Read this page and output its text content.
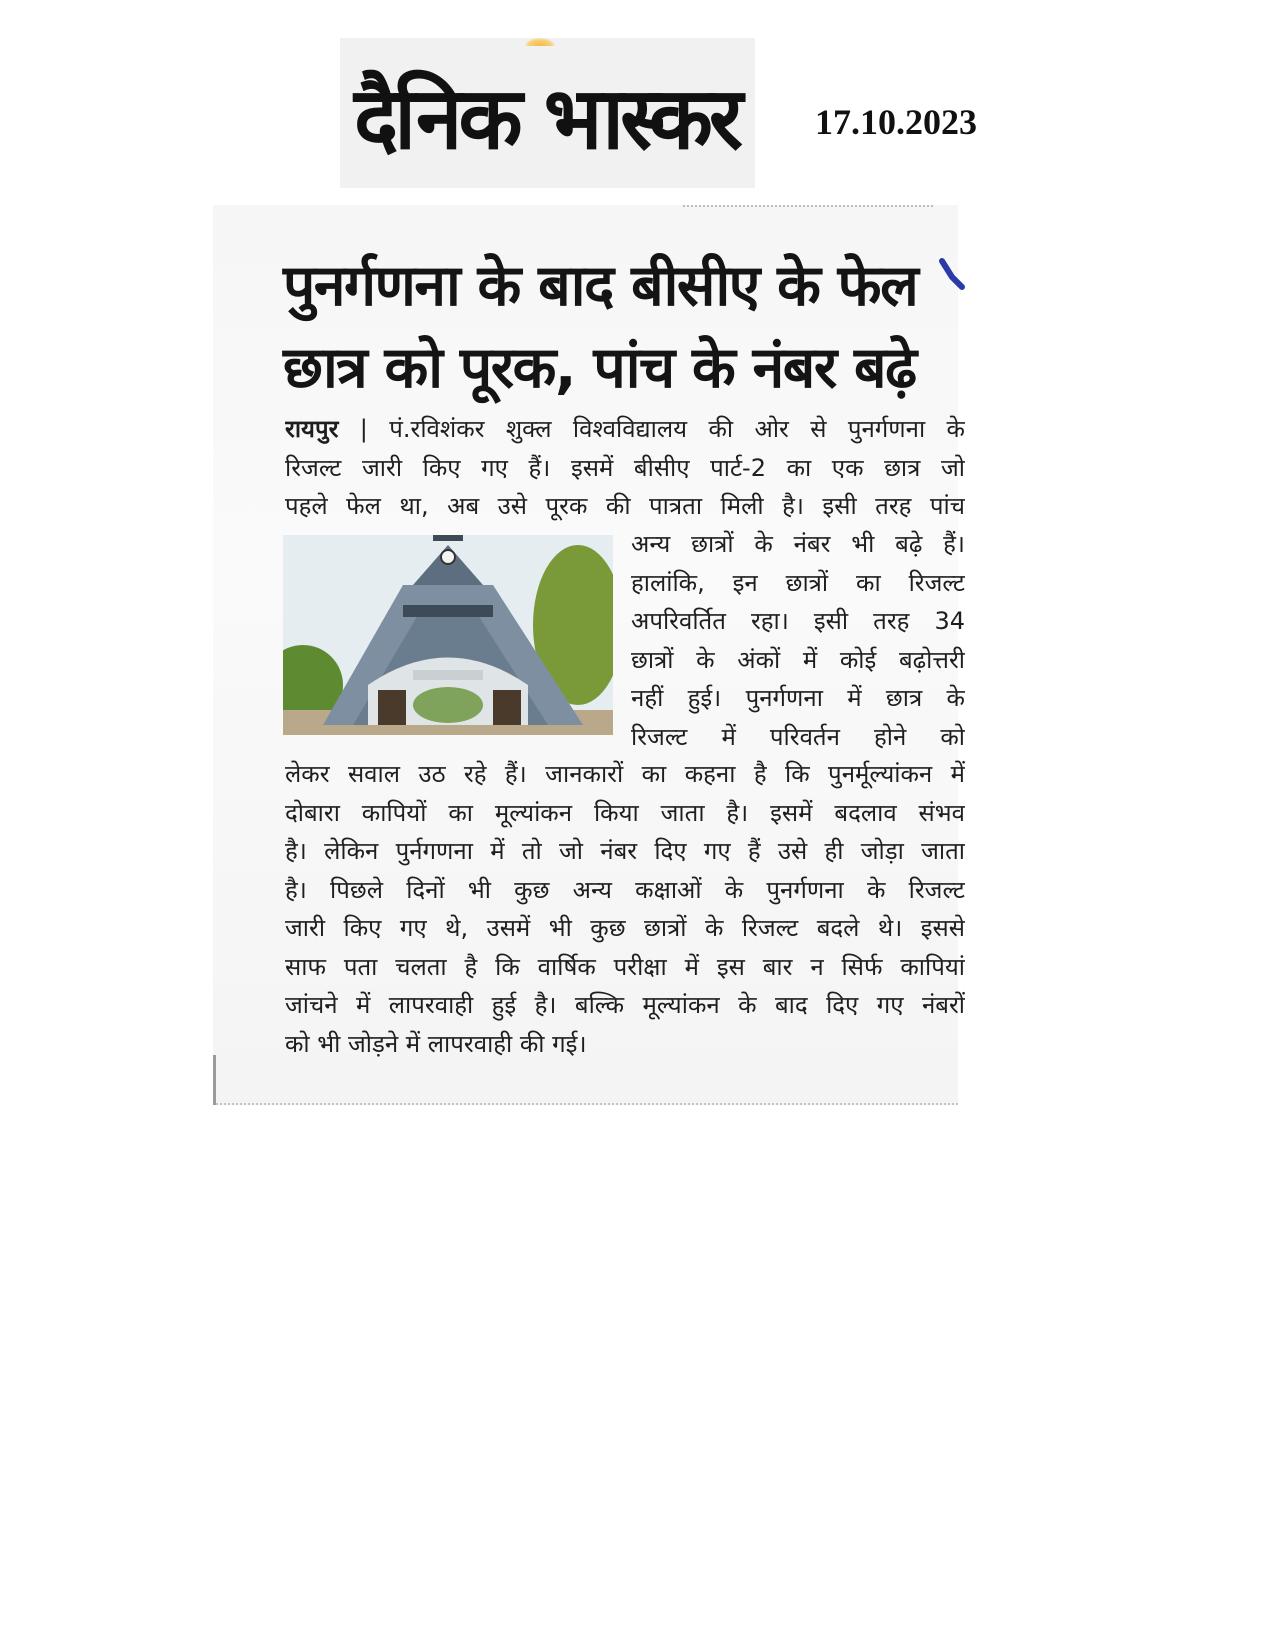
दैनिक भास्कर 17.10.2023
पुनर्गणना के बाद बीसीए के फेल
छात्र को पूरक, पांच के नंबर बढ़े
रायपुर | पं.रविशंकर शुक्ल विश्वविद्यालय की ओर से पुनर्गणना के
रिजल्ट जारी किए गए हैं। इसमें बीसीए पार्ट-2 का एक छात्र जो
पहले फेल था, अब उसे पूरक की पात्रता मिली है। इसी तरह पांच
अन्य छात्रों के नंबर भी बढ़े हैं।
हालांकि, इन छात्रों का रिजल्ट
अपरिवर्तित रहा। इसी तरह 34
छात्रों के अंकों में कोई बढ़ोत्तरी
नहीं हुई। पुनर्गणना में छात्र के
रिजल्ट में परिवर्तन होने को
लेकर सवाल उठ रहे हैं। जानकारों का कहना है कि पुनर्मूल्यांकन में
दोबारा कापियों का मूल्यांकन किया जाता है। इसमें बदलाव संभव
है। लेकिन पुर्नगणना में तो जो नंबर दिए गए हैं उसे ही जोड़ा जाता
है। पिछले दिनों भी कुछ अन्य कक्षाओं के पुनर्गणना के रिजल्ट
जारी किए गए थे, उसमें भी कुछ छात्रों के रिजल्ट बदले थे। इससे
साफ पता चलता है कि वार्षिक परीक्षा में इस बार न सिर्फ कापियां
जांचने में लापरवाही हुई है। बल्कि मूल्यांकन के बाद दिए गए नंबरों
को भी जोड़ने में लापरवाही की गई।
